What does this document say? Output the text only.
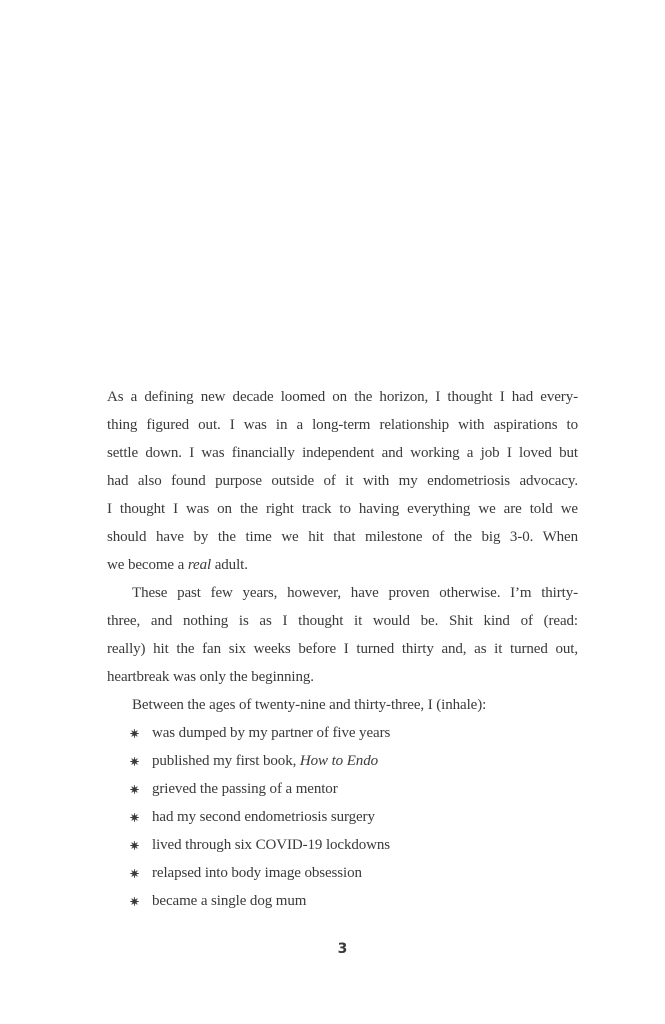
As a defining new decade loomed on the horizon, I thought I had every-
thing figured out. I was in a long-term relationship with aspirations to
settle down. I was financially independent and working a job I loved but
had also found purpose outside of it with my endometriosis advocacy.
I thought I was on the right track to having everything we are told we
should have by the time we hit that milestone of the big 3-0. When
we become a real adult.
These past few years, however, have proven otherwise. I’m thirty-
three, and nothing is as I thought it would be. Shit kind of (read:
really) hit the fan six weeks before I turned thirty and, as it turned out,
heartbreak was only the beginning.
Between the ages of twenty-nine and thirty-three, I (inhale):
was dumped by my partner of five years
published my first book, How to Endo
grieved the passing of a mentor
had my second endometriosis surgery
lived through six COVID-19 lockdowns
relapsed into body image obsession
became a single dog mum
3
